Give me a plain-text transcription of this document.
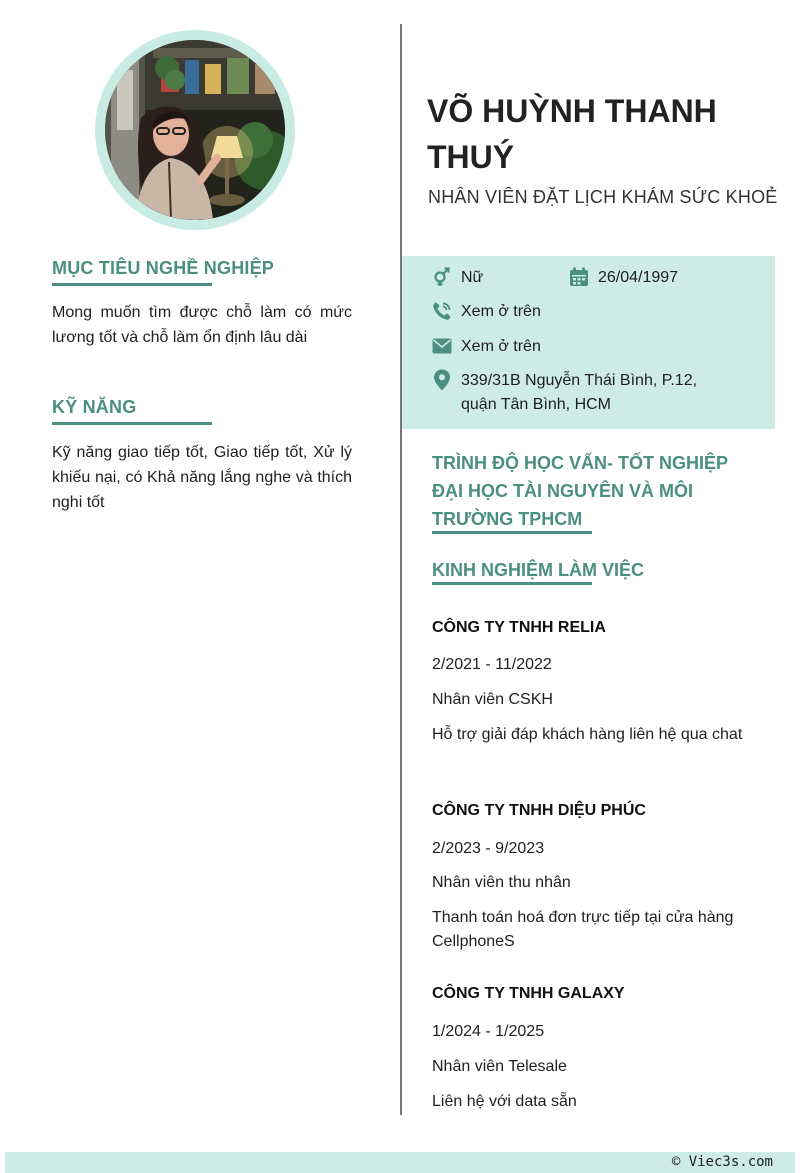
MỤC TIÊU NGHỀ NGHIỆP
Mong muốn tìm được chỗ làm có mức lương tốt và chỗ làm ổn định lâu dài
KỸ NĂNG
Kỹ năng giao tiếp tốt, Giao tiếp tốt, Xử lý khiếu nại, có Khả năng lắng nghe và thích nghi tốt
VÕ HUỲNH THANH THUÝ
NHÂN VIÊN ĐẶT LỊCH KHÁM SỨC KHOẺ
Nữ	26/04/1997
Xem ở trên
Xem ở trên
339/31B Nguyễn Thái Bình, P.12, quận Tân Bình, HCM
TRÌNH ĐỘ HỌC VẤN- TỐT NGHIỆP ĐẠI HỌC TÀI NGUYÊN VÀ MÔI TRƯỜNG TPHCM
KINH NGHIỆM LÀM VIỆC
CÔNG TY TNHH RELIA
2/2021 - 11/2022
Nhân viên CSKH
Hỗ trợ giải đáp khách hàng liên hệ qua chat
CÔNG TY TNHH DIỆU PHÚC
2/2023 - 9/2023
Nhân viên thu nhân
Thanh toán hoá đơn trực tiếp tại cửa hàng CellphoneS
CÔNG TY TNHH GALAXY
1/2024 - 1/2025
Nhân viên Telesale
Liên hệ với data sẵn
© Viec3s.com
